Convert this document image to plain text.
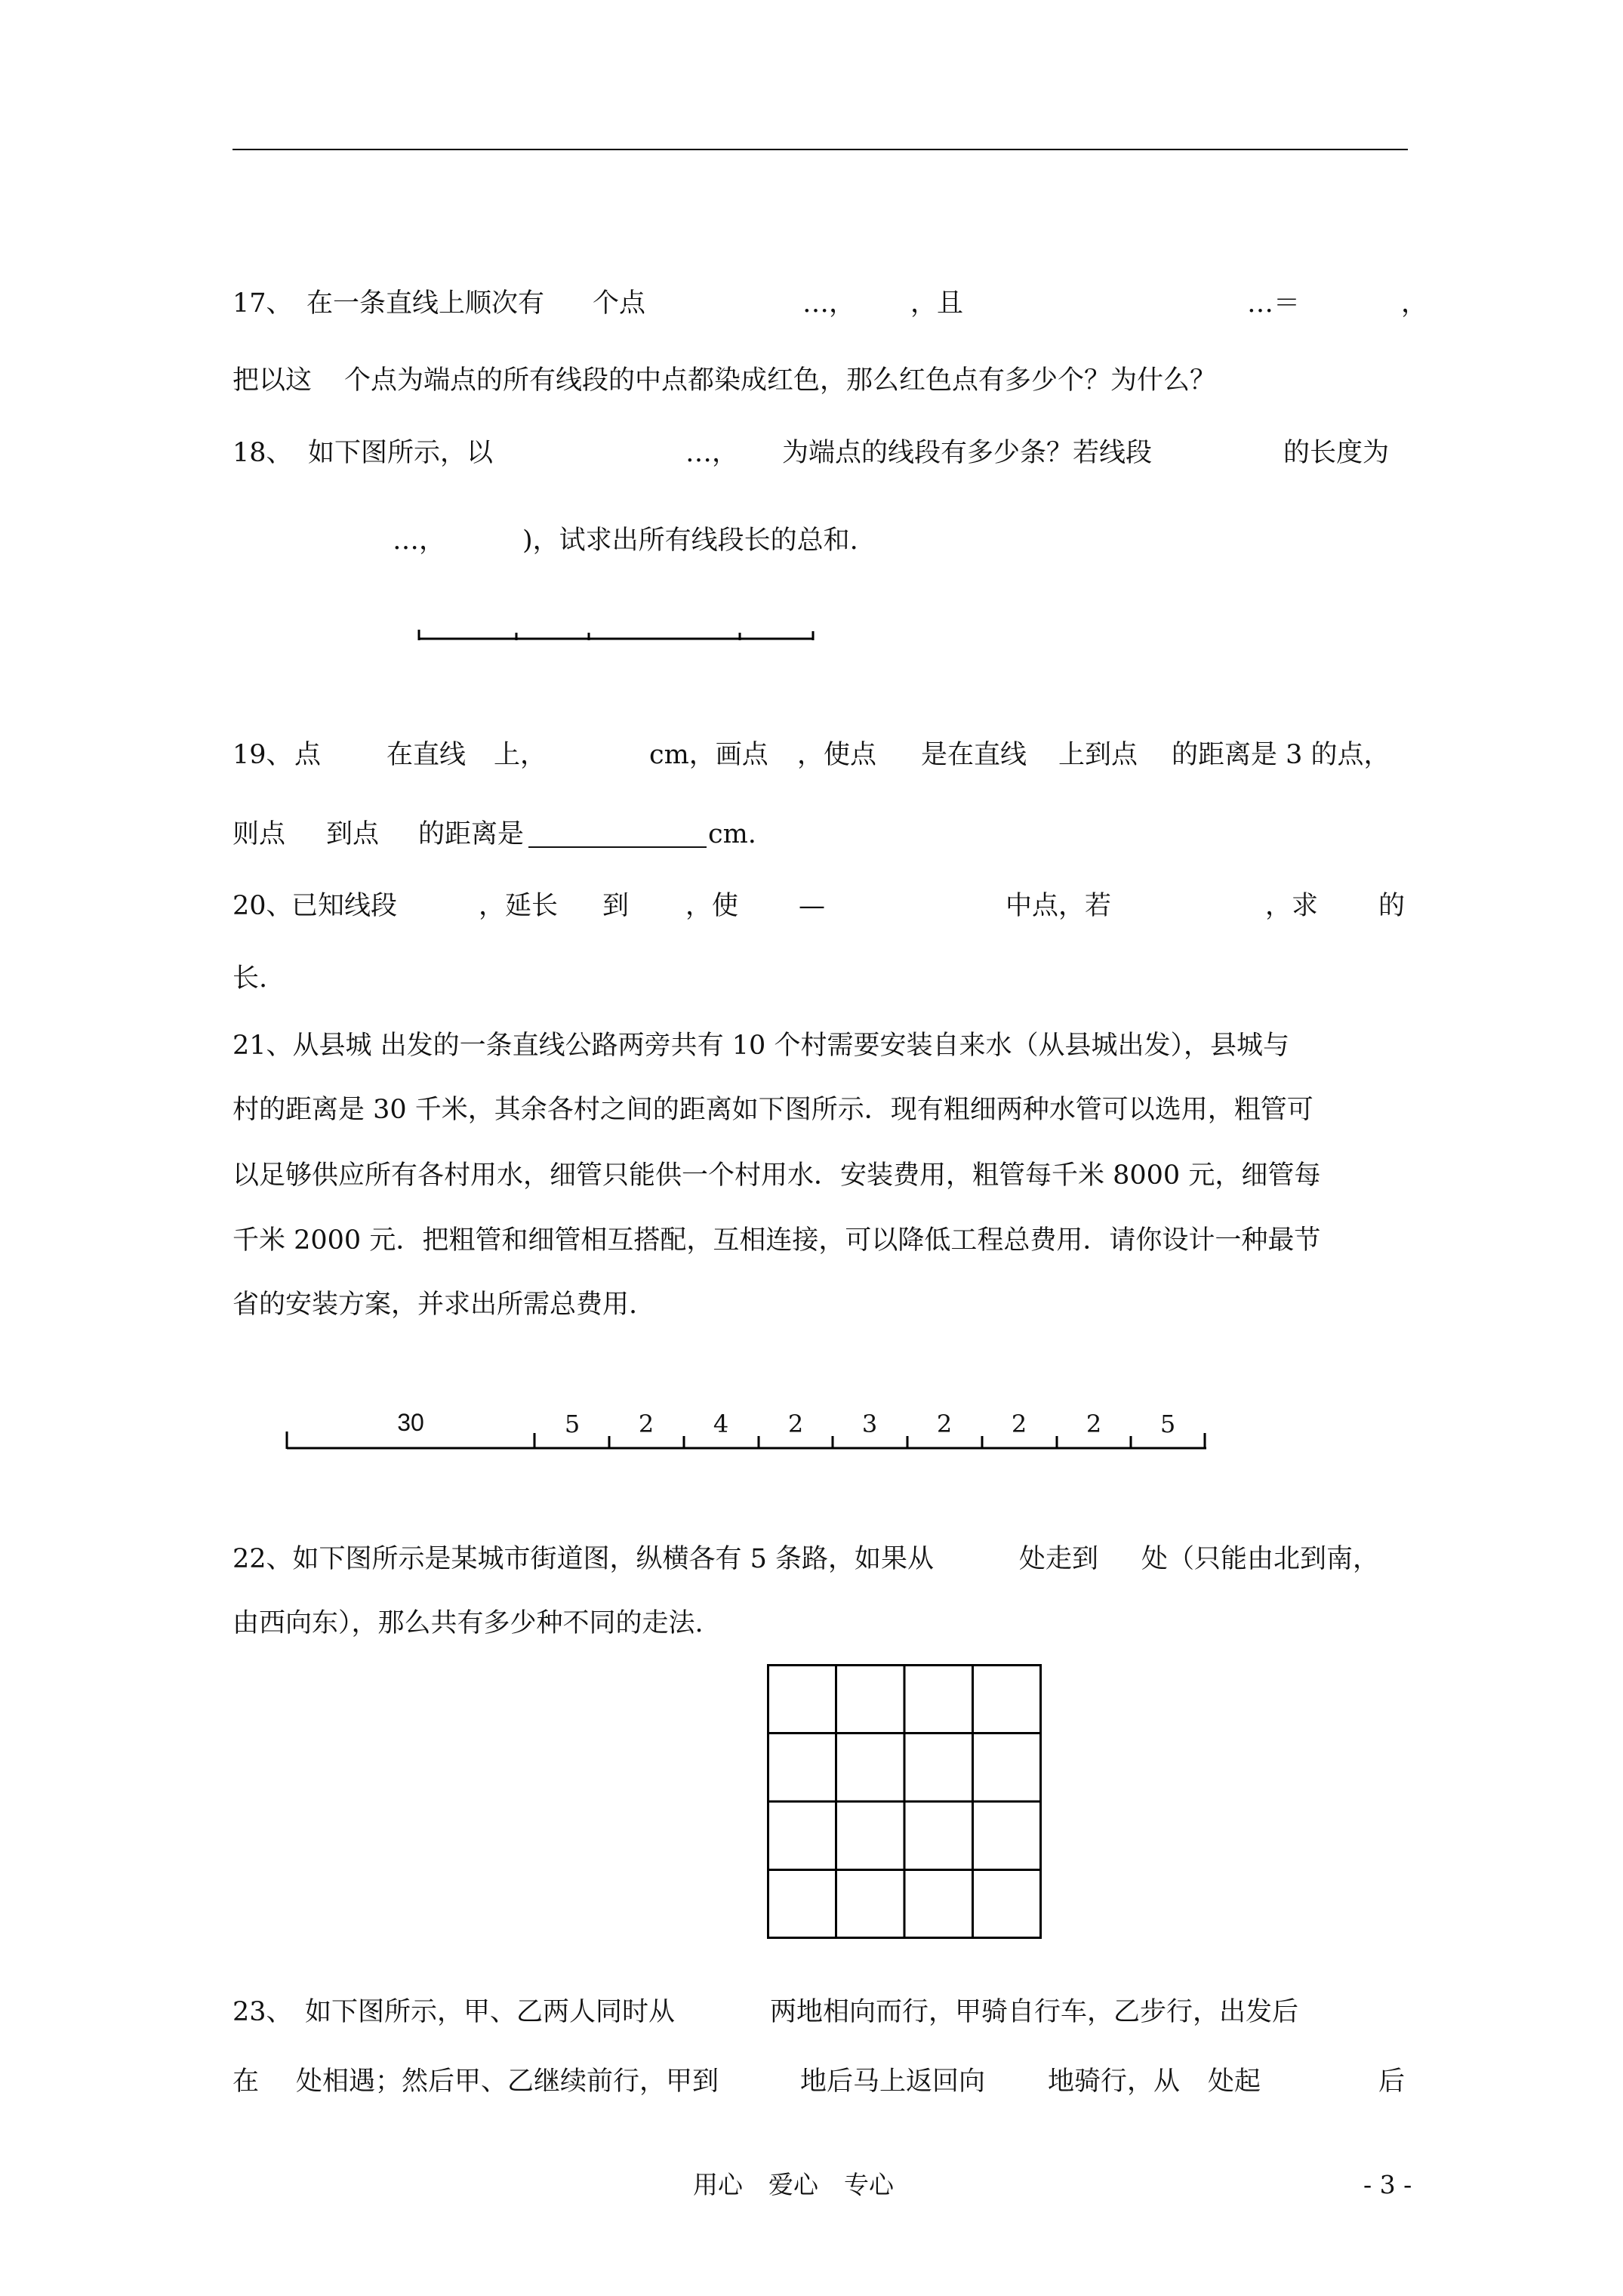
17、 在一条直线上顺次有 个点	…， ，且	…＝	，
把以这 个点为端点的所有线段的中点都染成红色，那么红色点有多少个？为什么？
18、 如下图所示，以	…， 为端点的线段有多少条？若线段	的长度为
…，	)，试求出所有线段长的总和.
19、 点 在直线 上，	cm，画点 ，使点 是在直线 上到点 的距离是 3 的点，
则点 到点 的距离是	cm.
20、
已知线段	，延长 到 ，使 —	中点，若	，求 的
长.
21、从县城 出发的一条直线公路两旁共有 10 个村需要安装自来水（从县城出发），县城与
村的距离是 30 千米，其余各村之间的距离如下图所示．现有粗细两种水管可以选用，粗管可
以足够供应所有各村用水，细管只能供一个村用水．安装费用，粗管每千米 8000 元，细管每
千米 2000 元．把粗管和细管相互搭配，互相连接，可以降低工程总费用．请你设计一种最节
省的安装方案，并求出所需总费用.
30	5	2	4	2	3	2	2	2	5
22、如下图所示是某城市街道图，纵横各有 5 条路，如果从	处走到 处（只能由北到南，
由西向东），那么共有多少种不同的走法.
23、 如下图所示，甲、乙两人同时从	两地相向而行，甲骑自行车，乙步行，出发后
在 处相遇；然后甲、乙继续前行，甲到	地后马上返回向 地骑行，从 处起	后
用心 爱心 专心	- 3 -
